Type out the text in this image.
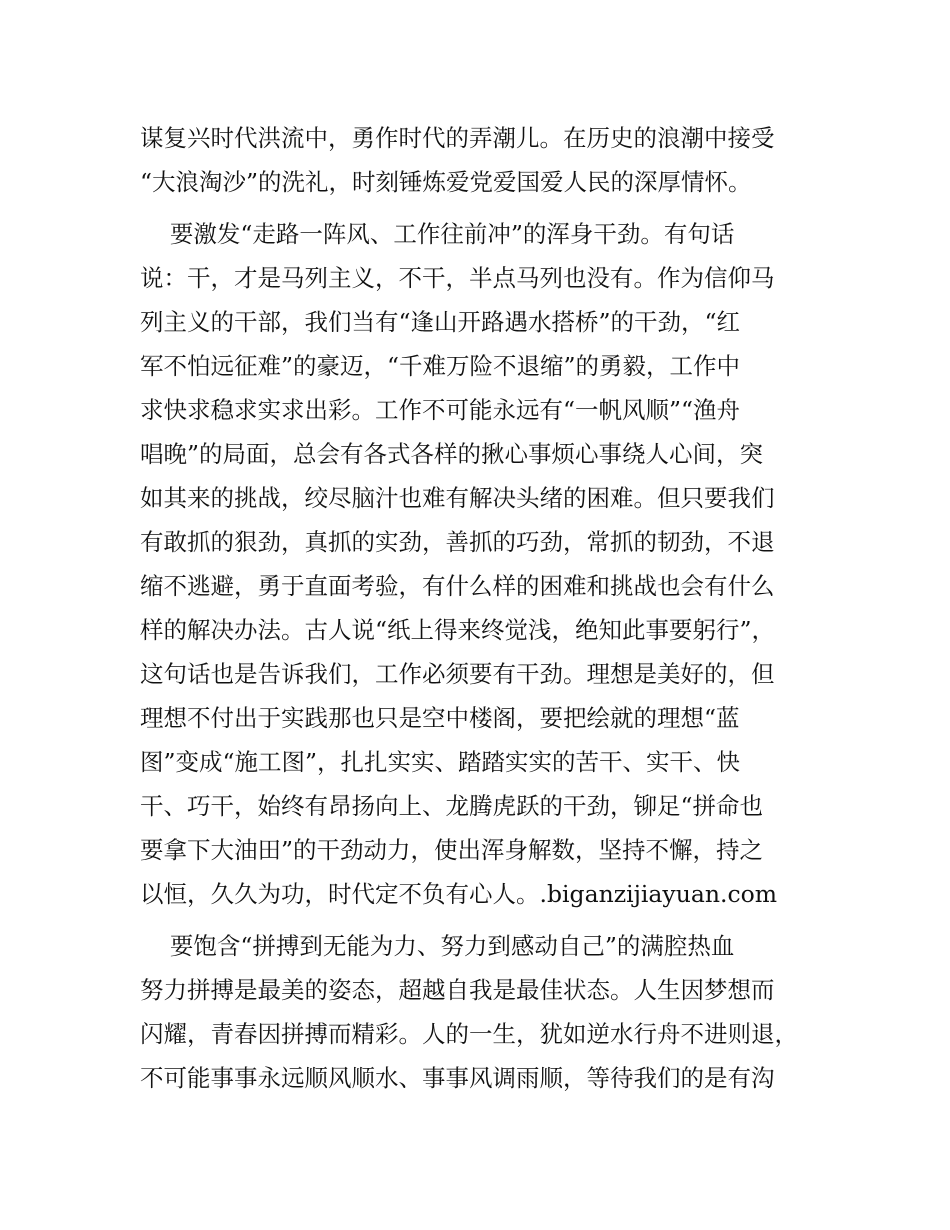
谋复兴时代洪流中，勇作时代的弄潮儿。在历史的浪潮中接受
“大浪淘沙”的洗礼，时刻锤炼爱党爱国爱人民的深厚情怀。
要激发“走路一阵风、工作往前冲”的浑身干劲。有句话
说：干，才是马列主义，不干，半点马列也没有。作为信仰马
列主义的干部，我们当有“逢山开路遇水搭桥”的干劲，“红
军不怕远征难”的豪迈，“千难万险不退缩”的勇毅，工作中
求快求稳求实求出彩。工作不可能永远有“一帆风顺”“渔舟
唱晚”的局面，总会有各式各样的揪心事烦心事绕人心间，突
如其来的挑战，绞尽脑汁也难有解决头绪的困难。但只要我们
有敢抓的狠劲，真抓的实劲，善抓的巧劲，常抓的韧劲，不退
缩不逃避，勇于直面考验，有什么样的困难和挑战也会有什么
样的解决办法。古人说“纸上得来终觉浅，绝知此事要躬行”，
这句话也是告诉我们，工作必须要有干劲。理想是美好的，但
理想不付出于实践那也只是空中楼阁，要把绘就的理想“蓝
图”变成“施工图”，扎扎实实、踏踏实实的苦干、实干、快
干、巧干，始终有昂扬向上、龙腾虎跃的干劲，铆足“拼命也
要拿下大油田”的干劲动力，使出浑身解数，坚持不懈，持之
以恒，久久为功，时代定不负有心人。.biganzijiayuan.com
要饱含“拼搏到无能为力、努力到感动自己”的满腔热血
努力拼搏是最美的姿态，超越自我是最佳状态。人生因梦想而
闪耀，青春因拼搏而精彩。人的一生，犹如逆水行舟不进则退，
不可能事事永远顺风顺水、事事风调雨顺，等待我们的是有沟
